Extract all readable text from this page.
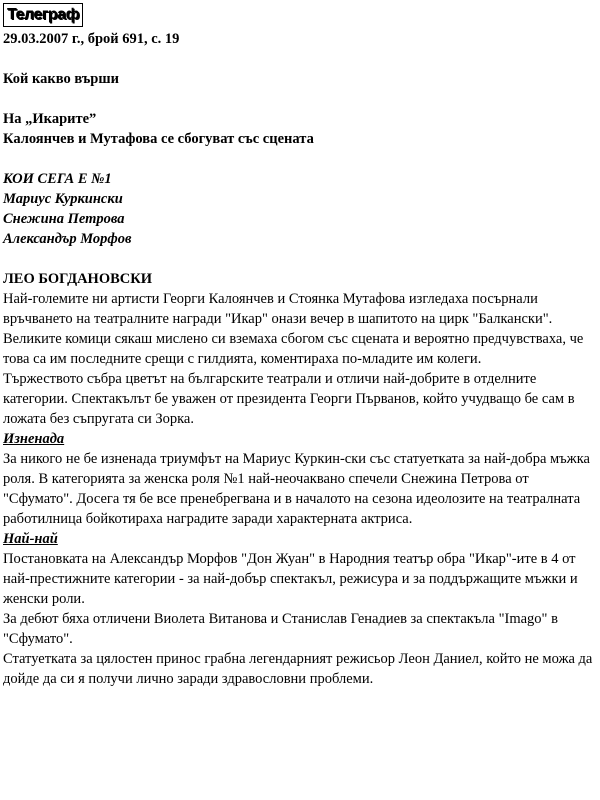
Телеграф
29.03.2007 г., брой 691, с. 19
Кой какво върши
На „Икарите”
Калоянчев и Мутафова се сбогуват със сцената
КОИ СЕГА Е №1
Мариус Куркински
Снежина Петрова
Александър Морфов
ЛЕО БОГДАНОВСКИ

Най-големите ни артисти Георги Калоянчев и Стоянка Мутафова изгледаха посърнали връчването на театралните награди "Икар" онази вечер в шапитото на цирк "Балкански".

Великите комици сякаш мислено си вземаха сбогом със сцената и вероятно предчувстваха, че това са им последните срещи с гилдията, коментираха по-младите им колеги.

Тържеството събра цветът на българските театрали и отличи най-добрите в отделните категории. Спектакълът бе уважен от президента Георги Първанов, който учудващо бе сам в ложата без съпругата си Зорка.

Изненада

За никого не бе изненада триумфът на Мариус Куркин-ски със статуетката за най-добра мъжка роля. В категорията за женска роля №1 най-неочаквано спечели Снежина Петрова от "Сфумато". Досега тя бе все пренебрегвана и в началото на сезона идеолозите на театралната работилница бойкотираха наградите заради характерната актриса.

Най-най

Постановката на Александър Морфов "Дон Жуан" в Народния театър обра "Икар"-ите в 4 от най-престижните категории - за най-добър спектакъл, режисура и за поддържащите мъжки и женски роли.

За дебют бяха отличени Виолета Витанова и Станислав Генадиев за спектакъла "Imago" в "Сфумато".

Статуетката за цялостен принос грабна легендарният режисьор Леон Даниел, който не можа да дойде да си я получи лично заради здравословни проблеми.
